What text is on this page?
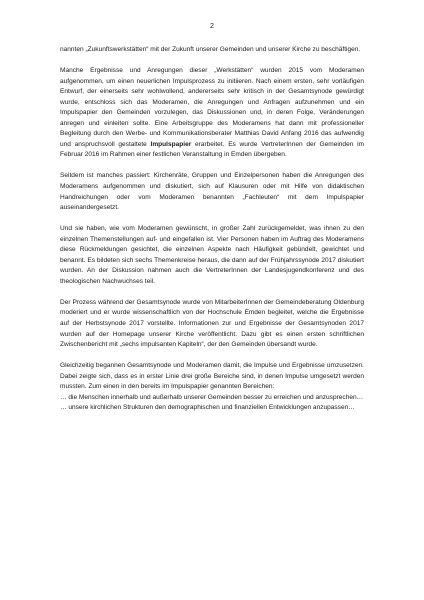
2

nannten „Zukunftswerkstätten“ mit der Zukunft unserer Gemeinden und unserer Kirche zu beschäftigen.

Manche Ergebnisse und Anregungen dieser „Werkstätten“ wurden 2015 vom Moderamen aufgenommen, um einen neuerlichen Impulsprozess zu initiieren. Nach einem ersten, sehr vorläufigen Entwurf, der einerseits sehr wohlwollend, andererseits sehr kritisch in der Gesamtsynode gewürdigt wurde, entschloss sich das Moderamen, die Anregungen und Anfragen aufzunehmen und ein Impulspapier den Gemeinden vorzulegen, das Diskussionen und, in deren Folge, Veränderungen anregen und einleiten sollte. Eine Arbeitsgruppe des Moderamens hat dann mit professioneller Begleitung durch den Werbe- und Kommunikationsberater Matthias David Anfang 2016 das aufwendig und anspruchsvoll gestaltete Impulspapier erarbeitet. Es wurde VertreterInnen der Gemeinden im Februar 2016 im Rahmen einer festlichen Veranstaltung in Emden übergeben.

Seitdem ist manches passiert: Kirchenräte, Gruppen und Einzelpersonen haben die Anregungen des Moderamens aufgenommen und diskutiert, sich auf Klausuren oder mit Hilfe von didaktischen Handreichungen oder vom Moderamen benannten „Fachleuten“ mit dem Impulspapier auseinandergesetzt.

Und sie haben, wie vom Moderamen gewünscht, in großer Zahl zurückgemeldet, was ihnen zu den einzelnen Themenstellungen auf- und eingefallen ist. Vier Personen haben im Auftrag des Moderamens diese Rückmeldungen gesichtet, die einzelnen Aspekte nach Häufigkeit gebündelt, gewichtet und benannt. Es bildeten sich sechs Themenkreise heraus, die dann auf der Frühjahrssynode 2017 diskutiert wurden. An der Diskussion nahmen auch die VertreterInnen der Landesjugendkonferenz und des theologischen Nachwuchses teil.

Der Prozess während der Gesamtsynode wurde von MitarbeiterInnen der Gemeindeberatung Oldenburg moderiert und er wurde wissenschaftlich von der Hochschule Emden begleitet, welche die Ergebnisse auf der Herbstsynode 2017 vorstellte. Informationen zur und Ergebnisse der Gesamtsynoden 2017 wurden auf der Homepage unserer Kirche veröffentlicht. Dazu gibt es einen ersten schriftlichen Zwischenbericht mit „sechs impulsanten Kapiteln“, der den Gemeinden übersandt wurde.

Gleichzeitig begannen Gesamtsynode und Moderamen damit, die Impulse und Ergebnisse umzusetzen. Dabei zeigte sich, dass es in erster Linie drei große Bereiche sind, in denen Impulse umgesetzt werden mussten. Zum einen in den bereits im Impulspapier genannten Bereichen:

… die Menschen innerhalb und außerhalb unserer Gemeinden besser zu erreichen und anzusprechen…

… unsere kirchlichen Strukturen den demographischen und finanziellen Entwicklungen anzupassen…
